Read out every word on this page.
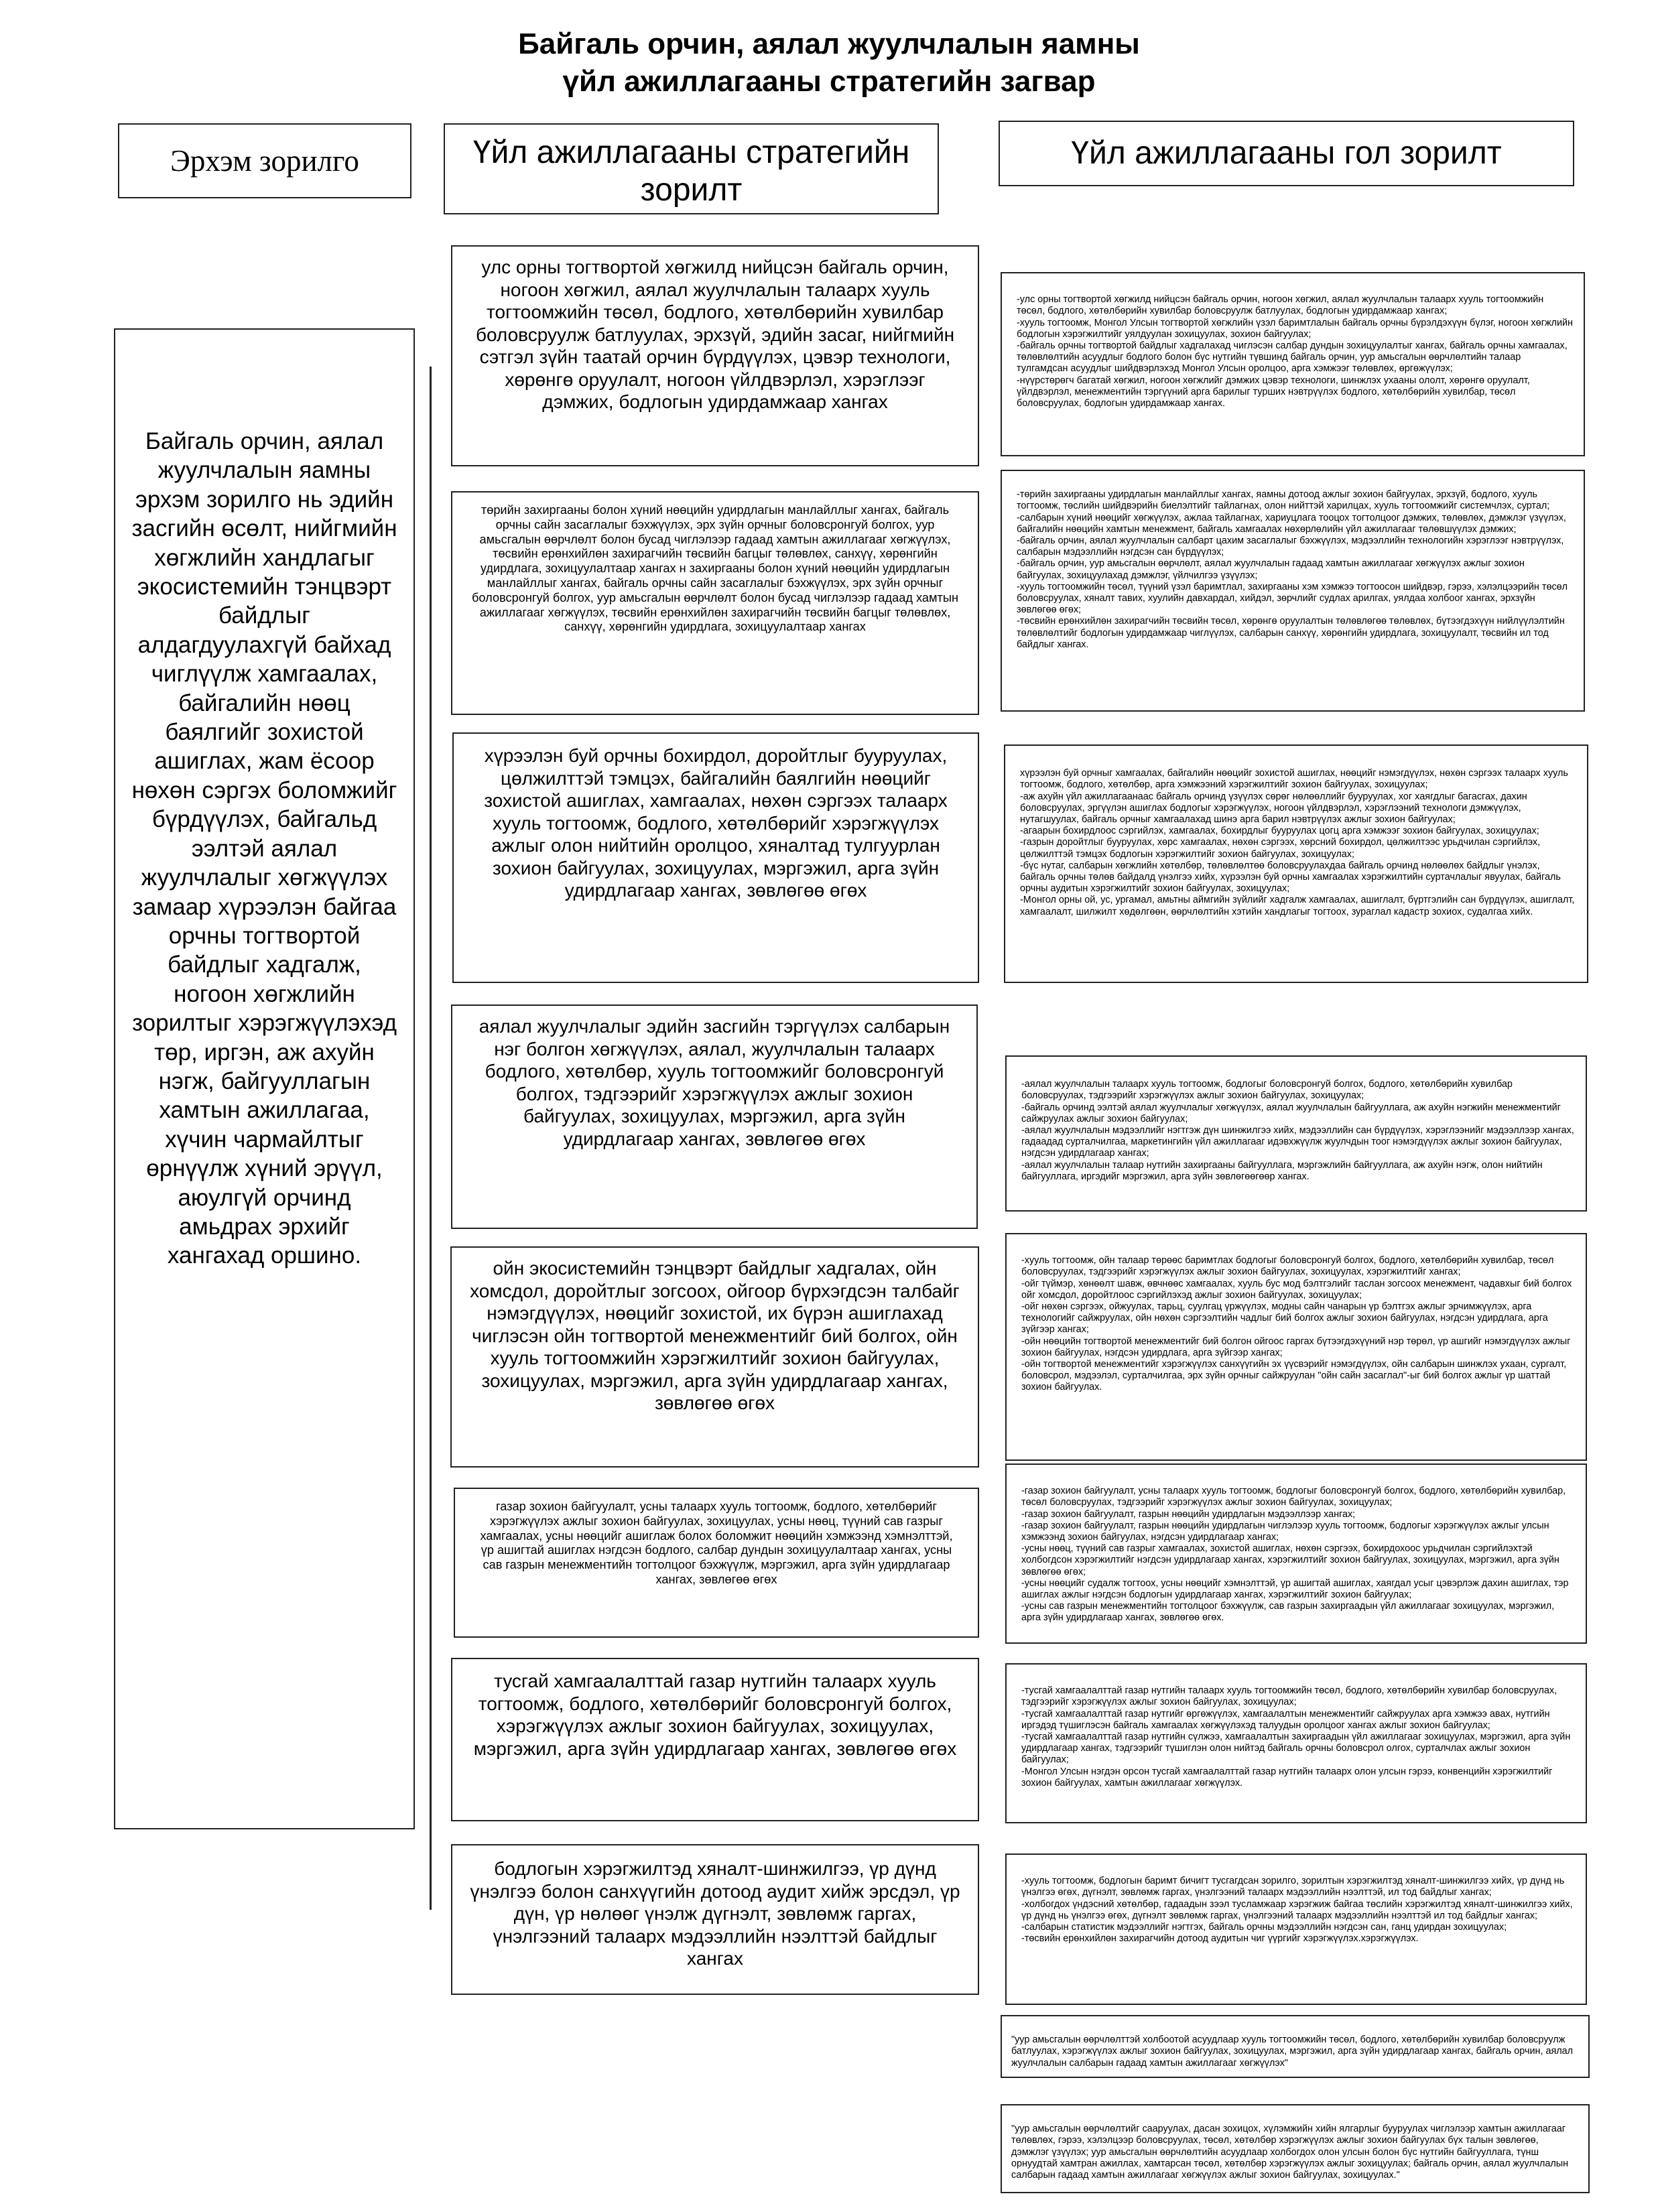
Байгаль орчин, аялал жуулчлалын яамны
үйл ажиллагааны стратегийн загвар
Эрхэм зорилго	Үйл ажиллагааны стратегийн зорилт
Үйл ажиллагааны гол зорилт
Байгаль орчин, аялал жуулчлалын яамны эрхэм зорилго нь эдийн засгийн өсөлт, нийгмийн хөгжлийн хандлагыг экосистемийн тэнцвэрт байдлыг алдагдуулахгүй байхад чиглүүлж хамгаалах, байгалийн нөөц баялгийг зохистой ашиглах, жам ёсоор нөхөн сэргэх боломжийг бүрдүүлэх, байгальд ээлтэй аялал жуулчлалыг хөгжүүлэх замаар хүрээлэн байгаа орчны тогтвортой байдлыг хадгалж, ногоон хөгжлийн зорилтыг хэрэгжүүлэхэд төр, иргэн, аж ахуйн нэгж, байгууллагын хамтын ажиллагаа, хүчин чармайлтыг өрнүүлж хүний эрүүл, аюулгүй орчинд амьдрах эрхийг хангахад оршино.
улс орны тогтвортой хөгжилд нийцсэн байгаль орчин, ногоон хөгжил, аялал жуулчлалын талаарх хууль тогтоомжийн төсөл, бодлого, хөтөлбөрийн хувилбар боловсруулж батлуулах, эрхзүй, эдийн засаг, нийгмийн сэтгэл зүйн таатай орчин бүрдүүлэх, цэвэр технологи, хөрөнгө оруулалт, ногоон үйлдвэрлэл, хэрэглээг дэмжих, бодлогын удирдамжаар хангах
төрийн захиргааны болон хүний нөөцийн удирдлагын манлайллыг хангах, байгаль орчны сайн засаглалыг бэхжүүлэх, эрх зүйн орчныг боловсронгуй болгох, уур амьсгалын өөрчлөлт болон бусад чиглэлээр гадаад хамтын ажиллагааг хөгжүүлэх, төсвийн ерөнхийлөн захирагчийн төсвийн багцыг төлөвлөх, санхүү, хөрөнгийн удирдлага, зохицуулалтаар хангах н захиргааны болон хүний нөөцийн удирдлагын манлайллыг хангах, байгаль орчны сайн засаглалыг бэхжүүлэх, эрх зүйн орчныг боловсронгуй болгох, уур амьсгалын өөрчлөлт болон бусад чиглэлээр гадаад хамтын ажиллагааг хөгжүүлэх, төсвийн ерөнхийлөн захирагчийн төсвийн багцыг төлөвлөх, санхүү, хөрөнгийн удирдлага, зохицуулалтаар хангах
хүрээлэн буй орчны бохирдол, доройтлыг бууруулах, цөлжилттэй тэмцэх, байгалийн баялгийн нөөцийг зохистой ашиглах, хамгаалах, нөхөн сэргээх талаарх хууль тогтоомж, бодлого, хөтөлбөрийг хэрэгжүүлэх ажлыг олон нийтийн оролцоо, хяналтад тулгуурлан зохион байгуулах, зохицуулах, мэргэжил, арга зүйн удирдлагаар хангах, зөвлөгөө өгөх
аялал жуулчлалыг эдийн засгийн тэргүүлэх салбарын нэг болгон хөгжүүлэх, аялал, жуулчлалын талаарх бодлого, хөтөлбөр, хууль тогтоомжийг боловсронгуй болгох, тэдгээрийг хэрэгжүүлэх ажлыг зохион байгуулах, зохицуулах, мэргэжил, арга зүйн удирдлагаар хангах, зөвлөгөө өгөх
ойн экосистемийн тэнцвэрт байдлыг хадгалах, ойн хомсдол, доройтлыг зогсоох, ойгоор бүрхэгдсэн талбайг нэмэгдүүлэх, нөөцийг зохистой, их бүрэн ашиглахад чиглэсэн ойн тогтвортой менежментийг бий болгох, ойн хууль тогтоомжийн хэрэгжилтийг зохион байгуулах, зохицуулах, мэргэжил, арга зүйн удирдлагаар хангах, зөвлөгөө өгөх
газар зохион байгуулалт, усны талаарх хууль тогтоомж, бодлого, хөтөлбөрийг хэрэгжүүлэх ажлыг зохион байгуулах, зохицуулах, усны нөөц, түүний сав газрыг хамгаалах, усны нөөцийг ашиглаж болох боломжит нөөцийн хэмжээнд хэмнэлттэй, үр ашигтай ашиглах нэгдсэн бодлого, салбар дундын зохицуулалтаар хангах, усны сав газрын менежментийн тогтолцоог бэхжүүлж, мэргэжил, арга зүйн удирдлагаар хангах, зөвлөгөө өгөх
тусгай хамгаалалттай газар нутгийн талаарх хууль тогтоомж, бодлого, хөтөлбөрийг боловсронгуй болгох, хэрэгжүүлэх ажлыг зохион байгуулах, зохицуулах, мэргэжил, арга зүйн удирдлагаар хангах, зөвлөгөө өгөх
бодлогын хэрэгжилтэд хяналт-шинжилгээ, үр дүнд үнэлгээ болон санхүүгийн дотоод аудит хийж эрсдэл, үр дүн, үр нөлөөг үнэлж дүгнэлт, зөвлөмж гаргах, үнэлгээний талаарх мэдээллийн нээлттэй байдлыг хангах

-улс орны тогтвортой хөгжилд нийцсэн байгаль орчин, ногоон хөгжил, аялал жуулчлалын талаарх хууль тогтоомжийн төсөл, бодлого, хөтөлбөрийн хувилбар боловсруулж батлуулах, бодлогын удирдамжаар хангах;
-хууль тогтоомж, Монгол Улсын тогтвортой хөгжлийн үзэл баримтлалын байгаль орчны бүрэлдэхүүн бүлэг, ногоон хөгжлийн бодлогын хэрэгжилтийг уялдуулан зохицуулах, зохион байгуулах;
-байгаль орчны тогтвортой байдлыг хадгалахад чиглэсэн салбар дундын зохицуулалтыг хангах, байгаль орчны хамгаалах, төлөвлөлтийн асуудлыг бодлого болон бүс нутгийн түвшинд байгаль орчин, уур амьсгалын өөрчлөлтийн талаар тулгамдсан асуудлыг шийдвэрлэхэд Монгол Улсын оролцоо, арга хэмжээг төлөвлөх, өргөжүүлэх;
-нүүрстөрөгч багатай хөгжил, ногоон хөгжлийг дэмжих цэвэр технологи, шинжлэх ухааны ололт, хөрөнгө оруулалт, үйлдвэрлэл, менежментийн тэргүүний арга барилыг турших нэвтрүүлэх бодлого, хөтөлбөрийн хувилбар, төсөл боловсруулах, бодлогын удирдамжаар хангах.

-төрийн захиргааны удирдлагын манлайллыг хангах, яамны дотоод ажлыг зохион байгуулах, эрхзүй, бодлого, хууль тогтоомж, төслийн шийдвэрийн биелэлтийг тайлагнах, олон нийттэй харилцах, хууль тогтоомжийг системчлэх, суртал;
-салбарын хүний нөөцийг хөгжүүлэх, ажлаа тайлагнах, хариуцлага тооцох тогтолцоог дэмжих, төлөвлөх, дэмжлэг үзүүлэх, байгалийн нөөцийн хамтын менежмент, байгаль хамгаалах нөхөрлөлийн үйл ажиллагааг төлөвшүүлэх дэмжих;
-байгаль орчин, аялал жуулчлалын салбарт цахим засаглалыг бэхжүүлэх, мэдээллийн технологийн хэрэглээг нэвтрүүлэх, салбарын мэдээллийн нэгдсэн сан бүрдүүлэх;
-байгаль орчин, уур амьсгалын өөрчлөлт, аялал жуулчлалын гадаад хамтын ажиллагааг хөгжүүлэх ажлыг зохион байгуулах, зохицуулахад дэмжлэг, үйлчилгээ үзүүлэх;
-хууль тогтоомжийн төсөл, түүний үзэл баримтлал, захиргааны хэм хэмжээ тогтоосон шийдвэр, гэрээ, хэлэлцээрийн төсөл боловсруулах, хяналт тавих, хуулийн давхардал, хийдэл, зөрчлийг судлах арилгах, уялдаа холбоог хангах, эрхзүйн зөвлөгөө өгөх;
-төсвийн ерөнхийлөн захирагчийн төсвийн төсөл, хөрөнгө оруулалтын төлөвлөгөө төлөвлөх, бүтээгдэхүүн нийлүүлэлтийн төлөвлөлтийг бодлогын удирдамжаар чиглүүлэх, салбарын санхүү, хөрөнгийн удирдлага, зохицуулалт, төсвийн ил тод байдлыг хангах.

хүрээлэн буй орчныг хамгаалах, байгалийн нөөцийг зохистой ашиглах, нөөцийг нэмэгдүүлэх, нөхөн сэргээх талаарх хууль тогтоомж, бодлого, хөтөлбөр, арга хэмжээний хэрэгжилтийг зохион байгуулах, зохицуулах;
-аж ахуйн үйл ажиллагаанаас байгаль орчинд үзүүлэх сөрөг нөлөөллийг бууруулах, хог хаягдлыг багасгах, дахин боловсруулах, эргүүлэн ашиглах бодлогыг хэрэгжүүлэх, ногоон үйлдвэрлэл, хэрэглээний технологи дэмжүүлэх, нутагшуулах, байгаль орчныг хамгаалахад шинэ арга барил нэвтрүүлэх ажлыг зохион байгуулах;
-агаарын бохирдлоос сэргийлэх, хамгаалах, бохирдлыг бууруулах цогц арга хэмжээг зохион байгуулах, зохицуулах;
-газрын доройтлыг бууруулах, хөрс хамгаалах, нөхөн сэргээх, хөрсний бохирдол, цөлжилтээс урьдчилан сэргийлэх, цөлжилттэй тэмцэх бодлогын хэрэгжилтийг зохион байгуулах, зохицуулах;
-бүс нутаг, салбарын хөгжлийн хөтөлбөр, төлөвлөлтөө боловсруулахдаа байгаль орчинд нөлөөлөх байдлыг үнэлэх, байгаль орчны төлөв байдалд үнэлгээ хийх, хүрээлэн буй орчны хамгаалах хэрэгжилтийн суртачлалыг явуулах, байгаль орчны аудитын хэрэгжилтийг зохион байгуулах, зохицуулах;
-Монгол орны ой, ус, ургамал, амьтны аймгийн зүйлийг хадгалж хамгаалах, ашиглалт, бүртгэлийн сан бүрдүүлэх, ашиглалт, хамгаалалт, шилжилт хөдөлгөөн, өөрчлөлтийн хэтийн хандлагыг тогтоох, зураглал кадастр зохиох, судалгаа хийх.

-аялал жуулчлалын талаарх хууль тогтоомж, бодлогыг боловсронгуй болгох, бодлого, хөтөлбөрийн хувилбар боловсруулах, тэдгээрийг хэрэгжүүлэх ажлыг зохион байгуулах, зохицуулах;
-байгаль орчинд ээлтэй аялал жуулчлалыг хөгжүүлэх, аялал жуулчлалын байгууллага, аж ахуйн нэгжийн менежментийг сайжруулах ажлыг зохион байгуулах;
-аялал жуулчлалын мэдээллийг нэгтгэж дүн шинжилгээ хийх, мэдээллийн сан бүрдүүлэх, хэрэглээнийг мэдээллээр хангах, гадаадад сурталчилгаа, маркетингийн үйл ажиллагааг идэвхжүүлж жуулчдын тоог нэмэгдүүлэх ажлыг зохион байгуулах, нэгдсэн удирдлагаар хангах;
-аялал жуулчлалын талаар нутгийн захиргааны байгууллага, мэргэжлийн байгууллага, аж ахуйн нэгж, олон нийтийн байгууллага, иргэдийг мэргэжил, арга зүйн зөвлөгөөгөөр хангах.

-хууль тогтоомж, ойн талаар төрөөс баримтлах бодлогыг боловсронгуй болгох, бодлого, хөтөлбөрийн хувилбар, төсөл боловсруулах, тэдгээрийг хэрэгжүүлэх ажлыг зохион байгуулах, зохицуулах, хэрэгжилтийг хангах;
-ойг түймэр, хөнөөлт шавж, өвчнөөс хамгаалах, хууль бус мод бэлтгэлийг таслан зогсоох менежмент, чадавхыг бий болгох ойг хомсдол, доройтлоос сэргийлэхэд ажлыг зохион байгуулах, зохицуулах;
-ойг нөхөн сэргээх, ойжуулах, тарьц, суулгац үржүүлэх, модны сайн чанарын үр бэлтгэх ажлыг эрчимжүүлэх, арга технологийг сайжруулах, ойн нөхөн сэргээлтийн чадлыг бий болгох ажлыг зохион байгуулах, нэгдсэн удирдлага, арга зүйгээр хангах;
-ойн нөөцийн тогтвортой менежментийг бий болгон ойгоос гаргах бүтээгдэхүүний нэр төрөл, үр ашгийг нэмэгдүүлэх ажлыг зохион байгуулах, нэгдсэн удирдлага, арга зүйгээр хангах;
-ойн тогтвортой менежментийг хэрэгжүүлэх санхүүгийн эх үүсвэрийг нэмэгдүүлэх, ойн салбарын шинжлэх ухаан, сургалт, боловсрол, мэдээлэл, сурталчилгаа, эрх зүйн орчныг сайжруулан "ойн сайн засаглал"-ыг бий болгох ажлыг үр шаттай зохион байгуулах.

-газар зохион байгуулалт, усны талаарх хууль тогтоомж, бодлогыг боловсронгуй болгох, бодлого, хөтөлбөрийн хувилбар, төсөл боловсруулах, тэдгээрийг хэрэгжүүлэх ажлыг зохион байгуулах, зохицуулах;
-газар зохион байгуулалт, газрын нөөцийн удирдлагын мэдээллээр хангах;
-газар зохион байгуулалт, газрын нөөцийн удирдлагын чиглэлээр хууль тогтоомж, бодлогыг хэрэгжүүлэх ажлыг улсын хэмжээнд зохион байгуулах, нэгдсэн удирдлагаар хангах;
-усны нөөц, түүний сав газрыг хамгаалах, зохистой ашиглах, нөхөн сэргээх, бохирдохоос урьдчилан сэргийлэхтэй холбогдсон хэрэгжилтийг нэгдсэн удирдлагаар хангах, хэрэгжилтийг зохион байгуулах, зохицуулах, мэргэжил, арга зүйн зөвлөгөө өгөх;
-усны нөөцийг судалж тогтоох, усны нөөцийг хэмнэлттэй, үр ашигтай ашиглах, хаягдал усыг цэвэрлэж дахин ашиглах, тэр ашиглах ажлыг нэгдсэн бодлогын удирдлагаар хангах, хэрэгжилтийг зохион байгуулах;
-усны сав газрын менежментийн тогтолцоог бэхжүүлж, сав газрын захиргаадын үйл ажиллагааг зохицуулах, мэргэжил, арга зүйн удирдлагаар хангах, зөвлөгөө өгөх.

-тусгай хамгаалалттай газар нутгийн талаарх хууль тогтоомжийн төсөл, бодлого, хөтөлбөрийн хувилбар боловсруулах, тэдгээрийг хэрэгжүүлэх ажлыг зохион байгуулах, зохицуулах;
-тусгай хамгаалалттай газар нутгийг өргөжүүлэх, хамгаалалтын менежментийг сайжруулах арга хэмжээ авах, нутгийн иргэдэд түшиглэсэн байгаль хамгаалах хөгжүүлэхэд талуудын оролцоог хангах ажлыг зохион байгуулах;
-тусгай хамгаалалттай газар нутгийн сүлжээ, хамгаалалтын захиргаадын үйл ажиллагааг зохицуулах, мэргэжил, арга зүйн удирдлагаар хангах, тэдгээрийг түшиглэн олон нийтэд байгаль орчны боловсрол олгох, сурталчлах ажлыг зохион байгуулах;
-Монгол Улсын нэгдэн орсон тусгай хамгаалалттай газар нутгийн талаарх олон улсын гэрээ, конвенцийн хэрэгжилтийг зохион байгуулах, хамтын ажиллагааг хөгжүүлэх.

-хууль тогтоомж, бодлогын баримт бичигт тусгагдсан зорилго, зорилтын хэрэгжилтэд хяналт-шинжилгээ хийх, үр дүнд нь үнэлгээ өгөх, дүгнэлт, зөвлөмж гаргах, үнэлгээний талаарх мэдээллийн нээлттэй, ил тод байдлыг хангах;
-холбогдох үндэсний хөтөлбөр, гадаадын зээл тусламжаар хэрэгжиж байгаа төслийн хэрэгжилтэд хяналт-шинжилгээ хийх, үр дүнд нь үнэлгээ өгөх, дүгнэлт зөвлөмж гаргах, үнэлгээний талаарх мэдээллийн нээлттэй ил тод байдлыг хангах;
-салбарын статистик мэдээллийг нэгтгэх, байгаль орчны мэдээллийн нэгдсэн сан, ганц удирдан зохицуулах;
-төсвийн ерөнхийлөн захирагчийн дотоод аудитын чиг үүргийг хэрэгжүүлэх.хэрэгжүүлэх.

"уур амьсгалын өөрчлөлттэй холбоотой асуудлаар хууль тогтоомжийн төсөл, бодлого, хөтөлбөрийн хувилбар боловсруулж батлуулах, хэрэгжүүлэх ажлыг зохион байгуулах, зохицуулах, мэргэжил, арга зүйн удирдлагаар хангах, байгаль орчин, аялал жуулчлалын салбарын гадаад хамтын ажиллагааг хөгжүүлэх"

"уур амьсгалын өөрчлөлтийг сааруулах, дасан зохицох, хүлэмжийн хийн ялгарлыг бууруулах чиглэлээр хамтын ажиллагааг төлөвлөх, гэрээ, хэлэлцээр боловсруулах, төсөл, хөтөлбөр хэрэгжүүлэх ажлыг зохион байгуулах бүх талын зөвлөгөө, дэмжлэг үзүүлэх; уур амьсгалын өөрчлөлтийн асуудлаар холбогдох олон улсын болон бүс нутгийн байгууллага, түнш орнуудтай хамтран ажиллах, хамтарсан төсөл, хөтөлбөр хэрэгжүүлэх ажлыг зохицуулах; байгаль орчин, аялал жуулчлалын салбарын гадаад хамтын ажиллагааг хөгжүүлэх ажлыг зохион байгуулах, зохицуулах."
